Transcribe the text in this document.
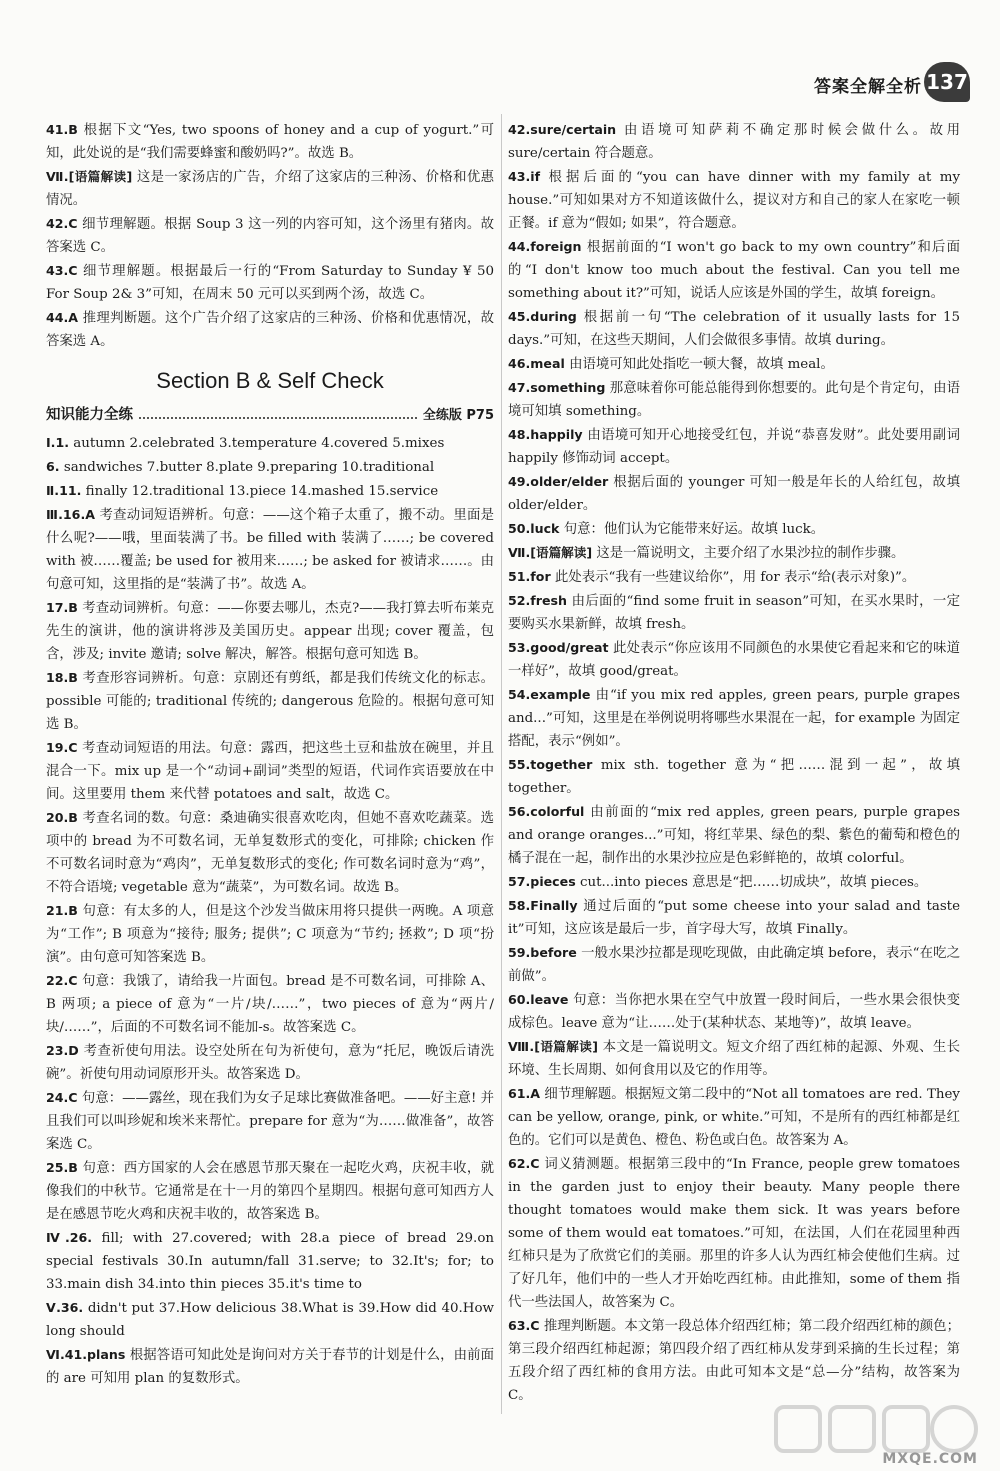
答案全解全析 137
41.B 根据下文“Yes, two spoons of honey and a cup of yogurt.”可知，此处说的是“我们需要蜂蜜和酸奶吗?”。故选 B。
Ⅶ.[语篇解读] 这是一家汤店的广告，介绍了这家店的三种汤、价格和优惠情况。
42.C 细节理解题。根据 Soup 3 这一列的内容可知，这个汤里有猪肉。故答案选 C。
43.C 细节理解题。根据最后一行的“From Saturday to Sunday ¥ 50 For Soup 2& 3”可知，在周末 50 元可以买到两个汤，故选 C。
44.A 推理判断题。这个广告介绍了这家店的三种汤、价格和优惠情况，故答案选 A。
Section B & Self Check
知识能力全练	全练版 P75
Ⅰ.1. autumn 2.celebrated 3.temperature 4.covered 5.mixes
6. sandwiches 7.butter 8.plate 9.preparing 10.traditional
Ⅱ.11. finally 12.traditional 13.piece 14.mashed 15.service
Ⅲ.16.A 考查动词短语辨析。句意：——这个箱子太重了，搬不动。里面是什么呢?——哦，里面装满了书。be filled with 装满了……; be covered with 被……覆盖; be used for 被用来……; be asked for 被请求……。由句意可知，这里指的是“装满了书”。故选 A。
17.B 考查动词辨析。句意：——你要去哪儿，杰克?——我打算去听布莱克先生的演讲，他的演讲将涉及美国历史。appear 出现; cover 覆盖，包含，涉及; invite 邀请; solve 解决，解答。根据句意可知选 B。
18.B 考查形容词辨析。句意：京剧还有剪纸，都是我们传统文化的标志。possible 可能的; traditional 传统的; dangerous 危险的。根据句意可知选 B。
19.C 考查动词短语的用法。句意：露西，把这些土豆和盐放在碗里，并且混合一下。mix up 是一个“动词+副词”类型的短语，代词作宾语要放在中间。这里要用 them 来代替 potatoes and salt，故选 C。
20.B 考查名词的数。句意：桑迪确实很喜欢吃肉，但她不喜欢吃蔬菜。选项中的 bread 为不可数名词，无单复数形式的变化，可排除; chicken 作不可数名词时意为“鸡肉”，无单复数形式的变化; 作可数名词时意为“鸡”，不符合语境; vegetable 意为“蔬菜”，为可数名词。故选 B。
21.B 句意：有太多的人，但是这个沙发当做床用将只提供一两晚。A 项意为“工作”; B 项意为“接待; 服务; 提供”; C 项意为“节约; 拯救”; D 项“扮演”。由句意可知答案选 B。
22.C 句意：我饿了，请给我一片面包。bread 是不可数名词，可排除 A、B 两项; a piece of 意为“一片/块/……”，two pieces of 意为“两片/块/……”，后面的不可数名词不能加-s。故答案选 C。
23.D 考查祈使句用法。设空处所在句为祈使句，意为“托尼，晚饭后请洗碗”。祈使句用动词原形开头。故答案选 D。
24.C 句意：——露丝，现在我们为女子足球比赛做准备吧。——好主意! 并且我们可以叫珍妮和埃米来帮忙。prepare for 意为“为……做准备”，故答案选 C。
25.B 句意：西方国家的人会在感恩节那天聚在一起吃火鸡，庆祝丰收，就像我们的中秋节。它通常是在十一月的第四个星期四。根据句意可知西方人是在感恩节吃火鸡和庆祝丰收的，故答案选 B。
Ⅳ.26. fill; with 27.covered; with 28.a piece of bread 29.on special festivals 30.In autumn/fall 31.serve; to 32.It's; for; to 33.main dish 34.into thin pieces 35.it's time to
Ⅴ.36. didn't put 37.How delicious 38.What is 39.How did 40.How long should
Ⅵ.41.plans 根据答语可知此处是询问对方关于春节的计划是什么，由前面的 are 可知用 plan 的复数形式。
42.sure/certain 由语境可知萨莉不确定那时候会做什么。故用 sure/certain 符合题意。
43.if 根据后面的“you can have dinner with my family at my house.”可知如果对方不知道该做什么，提议对方和自己的家人在家吃一顿正餐。if 意为“假如; 如果”，符合题意。
44.foreign 根据前面的“I won't go back to my own country”和后面的“I don't know too much about the festival. Can you tell me something about it?”可知，说话人应该是外国的学生，故填 foreign。
45.during 根据前一句“The celebration of it usually lasts for 15 days.”可知，在这些天期间，人们会做很多事情。故填 during。
46.meal 由语境可知此处指吃一顿大餐，故填 meal。
47.something 那意味着你可能总能得到你想要的。此句是个肯定句，由语境可知填 something。
48.happily 由语境可知开心地接受红包，并说“恭喜发财”。此处要用副词 happily 修饰动词 accept。
49.older/elder 根据后面的 younger 可知一般是年长的人给红包，故填 older/elder。
50.luck 句意：他们认为它能带来好运。故填 luck。
Ⅶ.[语篇解读] 这是一篇说明文，主要介绍了水果沙拉的制作步骤。
51.for 此处表示“我有一些建议给你”，用 for 表示“给(表示对象)”。
52.fresh 由后面的“find some fruit in season”可知，在买水果时，一定要购买水果新鲜，故填 fresh。
53.good/great 此处表示“你应该用不同颜色的水果使它看起来和它的味道一样好”，故填 good/great。
54.example 由“if you mix red apples, green pears, purple grapes and...”可知，这里是在举例说明将哪些水果混在一起，for example 为固定搭配，表示“例如”。
55.together mix sth. together 意为“把……混到一起”，故填 together。
56.colorful 由前面的“mix red apples, green pears, purple grapes and orange oranges...”可知，将红苹果、绿色的梨、紫色的葡萄和橙色的橘子混在一起，制作出的水果沙拉应是色彩鲜艳的，故填 colorful。
57.pieces cut...into pieces 意思是“把……切成块”，故填 pieces。
58.Finally 通过后面的“put some cheese into your salad and taste it”可知，这应该是最后一步，首字母大写，故填 Finally。
59.before 一般水果沙拉都是现吃现做，由此确定填 before，表示“在吃之前做”。
60.leave 句意：当你把水果在空气中放置一段时间后，一些水果会很快变成棕色。leave 意为“让……处于(某种状态、某地等)”，故填 leave。
Ⅷ.[语篇解读] 本文是一篇说明文。短文介绍了西红柿的起源、外观、生长环境、生长周期、如何食用以及它的作用等。
61.A 细节理解题。根据短文第二段中的“Not all tomatoes are red. They can be yellow, orange, pink, or white.”可知，不是所有的西红柿都是红色的。它们可以是黄色、橙色、粉色或白色。故答案为 A。
62.C 词义猜测题。根据第三段中的“In France, people grew tomatoes in the garden just to enjoy their beauty. Many people there thought tomatoes would make them sick. It was years before some of them would eat tomatoes.”可知，在法国，人们在花园里种西红柿只是为了欣赏它们的美丽。那里的许多人认为西红柿会使他们生病。过了好几年，他们中的一些人才开始吃西红柿。由此推知，some of them 指代一些法国人，故答案为 C。
63.C 推理判断题。本文第一段总体介绍西红柿；第二段介绍西红柿的颜色；第三段介绍西红柿起源；第四段介绍了西红柿从发芽到采摘的生长过程；第五段介绍了西红柿的食用方法。由此可知本文是“总—分”结构，故答案为 C。
MXQE.COM
